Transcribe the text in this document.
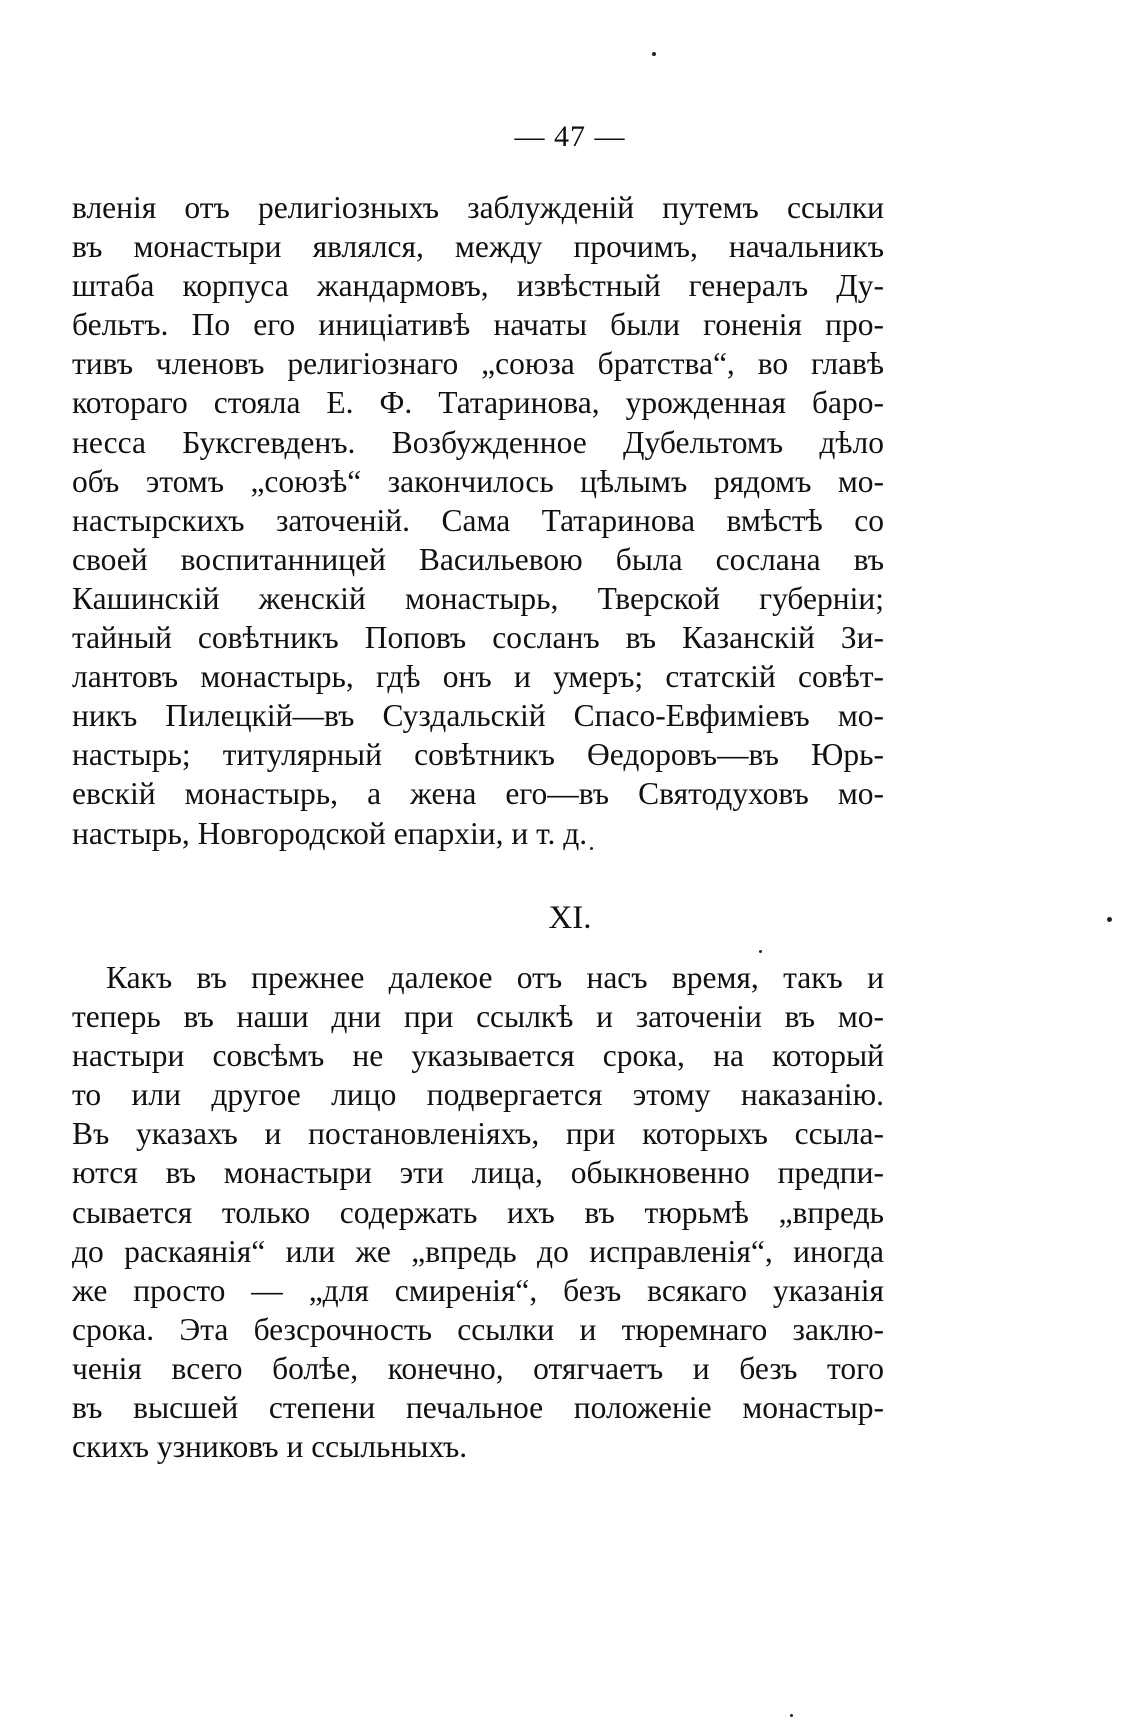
— 47 —

вленія отъ религіозныхъ заблужденій путемъ ссылки
въ монастыри являлся, между прочимъ, начальникъ
штаба корпуса жандармовъ, извѣстный генералъ Ду-
бельтъ. По его иниціативѣ начаты были гоненія про-
тивъ членовъ религіознаго „союза братства“, во главѣ
котораго стояла Е. Ф. Татаринова, урожденная баро-
несса Буксгевденъ. Возбужденное Дубельтомъ дѣло
объ этомъ „союзѣ“ закончилось цѣлымъ рядомъ мо-
настырскихъ заточеній. Сама Татаринова вмѣстѣ со
своей воспитанницей Васильевою была сослана въ
Кашинскій женскій монастырь, Тверской губерніи;
тайный совѣтникъ Поповъ сосланъ въ Казанскій Зи-
лантовъ монастырь, гдѣ онъ и умеръ; статскій совѣт-
никъ Пилецкій—въ Суздальскій Спасо-Евфиміевъ мо-
настырь; титулярный совѣтникъ Өедоровъ—въ Юрь-
евскій монастырь, а жена его—въ Святодуховъ мо-
настырь, Новгородской епархіи, и т. д.

XI.

Какъ въ прежнее далекое отъ насъ время, такъ и
теперь въ наши дни при ссылкѣ и заточеніи въ мо-
настыри совсѣмъ не указывается срока, на который
то или другое лицо подвергается этому наказанію.
Въ указахъ и постановленіяхъ, при которыхъ ссыла-
ются въ монастыри эти лица, обыкновенно предпи-
сывается только содержать ихъ въ тюрьмѣ „впредь
до раскаянія“ или же „впредь до исправленія“, иногда
же просто — „для смиренія“, безъ всякаго указанія
срока. Эта безсрочность ссылки и тюремнаго заклю-
ченія всего болѣе, конечно, отягчаетъ и безъ того
въ высшей степени печальное положеніе монастыр-
скихъ узниковъ и ссыльныхъ.
